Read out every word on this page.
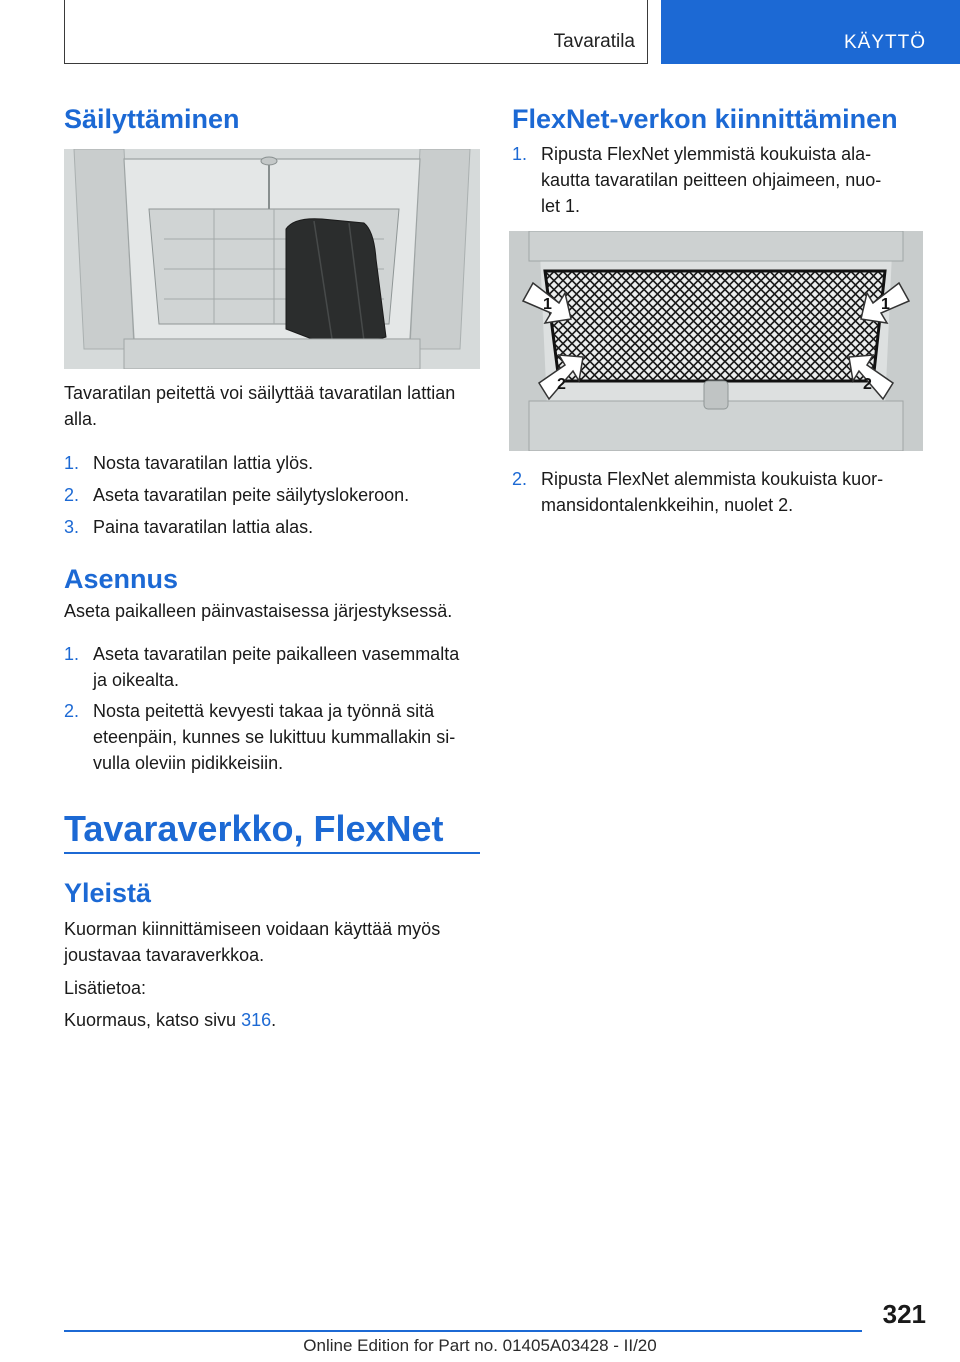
Tavaratila	KÄYTTÖ
Säilyttäminen

Tavaratilan peitettä voi säilyttää tavaratilan lattian

alla.

1. Nosta tavaratilan lattia ylös.
2. Aseta tavaratilan peite säilytyslokeroon.
3. Paina tavaratilan lattia alas.
Asennus

Aseta paikalleen päinvastaisessa järjestyksessä.

1. Aseta tavaratilan peite paikalleen vasemmalta
ja oikealta.
2. Nosta peitettä kevyesti takaa ja työnnä sitä
eteenpäin, kunnes se lukittuu kummallakin si-
vulla oleviin pidikkeisiin.
Tavaraverkko, FlexNet
Yleistä

Kuorman kiinnittämiseen voidaan käyttää myös

joustavaa tavaraverkkoa.

Lisätietoa:

Kuormaus, katso sivu 316.

FlexNet-verkon kiinnittäminen
1. Ripusta FlexNet ylemmistä koukuista ala-
kautta tavaratilan peitteen ohjaimeen, nuo-
let 1.
1	1
2	2
2. Ripusta FlexNet alemmista koukuista kuor-
mansidontalenkkeihin, nuolet 2.
321
Online Edition for Part no. 01405A03428 - II/20
